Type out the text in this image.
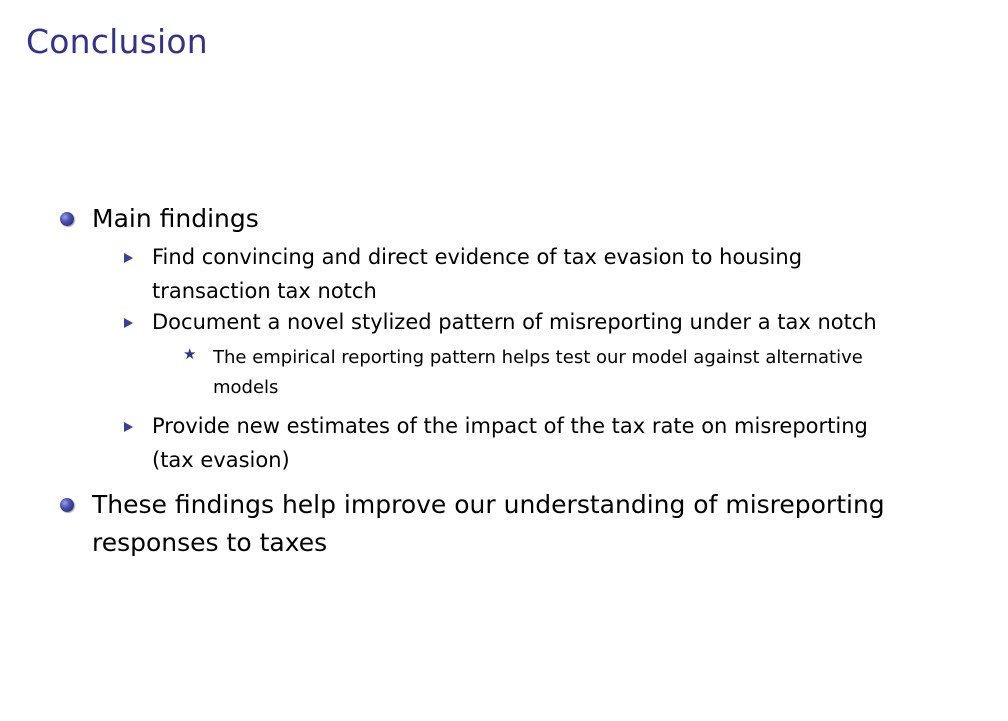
Conclusion
Main findings
Find convincing and direct evidence of tax evasion to housing
transaction tax notch
Document a novel stylized pattern of misreporting under a tax notch
★ The empirical reporting pattern helps test our model against alternative
models
Provide new estimates of the impact of the tax rate on misreporting
(tax evasion)
These findings help improve our understanding of misreporting
responses to taxes
